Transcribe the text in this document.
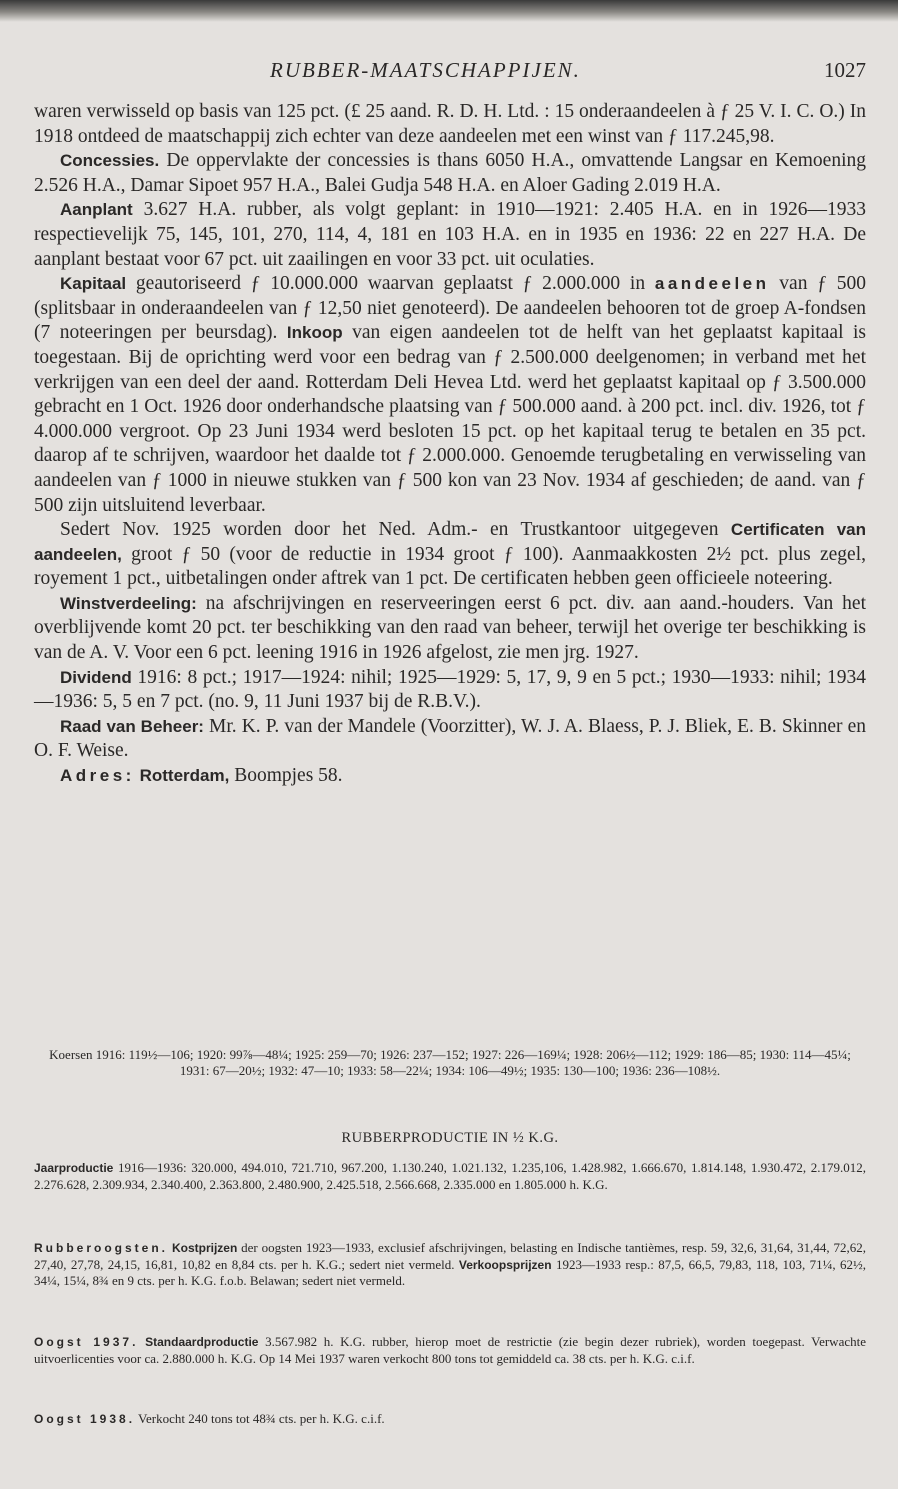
RUBBER-MAATSCHAPPIJEN.	1027

waren verwisseld op basis van 125 pct. (£ 25 aand. R. D. H. Ltd. : 15 onderaandeelen à ƒ 25 V. I. C. O.) In 1918 ontdeed de maatschappij zich echter van deze aandeelen met een winst van ƒ 117.245,98.

Concessies. De oppervlakte der concessies is thans 6050 H.A., omvattende Langsar en Kemoening 2.526 H.A., Damar Sipoet 957 H.A., Balei Gudja 548 H.A. en Aloer Gading 2.019 H.A.

Aanplant 3.627 H.A. rubber, als volgt geplant: in 1910—1921: 2.405 H.A. en in 1926—1933 respectievelijk 75, 145, 101, 270, 114, 4, 181 en 103 H.A. en in 1935 en 1936: 22 en 227 H.A. De aanplant bestaat voor 67 pct. uit zaailingen en voor 33 pct. uit oculaties.

Kapitaal geautoriseerd ƒ 10.000.000 waarvan geplaatst ƒ 2.000.000 in aandeelen van ƒ 500 (splitsbaar in onderaandeelen van ƒ 12,50 niet genoteerd). De aandeelen behooren tot de groep A-fondsen (7 noteeringen per beursdag). Inkoop van eigen aandeelen tot de helft van het geplaatst kapitaal is toegestaan. Bij de oprichting werd voor een bedrag van ƒ 2.500.000 deelgenomen; in verband met het verkrijgen van een deel der aand. Rotterdam Deli Hevea Ltd. werd het geplaatst kapitaal op ƒ 3.500.000 gebracht en 1 Oct. 1926 door onderhandsche plaatsing van ƒ 500.000 aand. à 200 pct. incl. div. 1926, tot ƒ 4.000.000 vergroot. Op 23 Juni 1934 werd besloten 15 pct. op het kapitaal terug te betalen en 35 pct. daarop af te schrijven, waardoor het daalde tot ƒ 2.000.000. Genoemde terugbetaling en verwisseling van aandeelen van ƒ 1000 in nieuwe stukken van ƒ 500 kon van 23 Nov. 1934 af geschieden; de aand. van ƒ 500 zijn uitsluitend leverbaar.

Sedert Nov. 1925 worden door het Ned. Adm.- en Trustkantoor uitgegeven Certificaten van aandeelen, groot ƒ 50 (voor de reductie in 1934 groot ƒ 100). Aanmaakkosten 2½ pct. plus zegel, royement 1 pct., uitbetalingen onder aftrek van 1 pct. De certificaten hebben geen officieele noteering.

Winstverdeeling: na afschrijvingen en reserveeringen eerst 6 pct. div. aan aand.-houders. Van het overblijvende komt 20 pct. ter beschikking van den raad van beheer, terwijl het overige ter beschikking is van de A. V. Voor een 6 pct. leening 1916 in 1926 afgelost, zie men jrg. 1927.

Dividend 1916: 8 pct.; 1917—1924: nihil; 1925—1929: 5, 17, 9, 9 en 5 pct.; 1930—1933: nihil; 1934—1936: 5, 5 en 7 pct. (no. 9, 11 Juni 1937 bij de R.B.V.).

Raad van Beheer: Mr. K. P. van der Mandele (Voorzitter), W. J. A. Blaess, P. J. Bliek, E. B. Skinner en O. F. Weise.

Adres: Rotterdam, Boompjes 58.

Koersen 1916: 119½—106; 1920: 99⅞—48¼; 1925: 259—70; 1926: 237—152; 1927: 226—169¼; 1928: 206½—112; 1929: 186—85; 1930: 114—45¼; 1931: 67—20½; 1932: 47—10; 1933: 58—22¼; 1934: 106—49½; 1935: 130—100; 1936: 236—108½.

RUBBERPRODUCTIE IN ½ K.G.

Jaarproductie 1916—1936: 320.000, 494.010, 721.710, 967.200, 1.130.240, 1.021.132, 1.235,106, 1.428.982, 1.666.670, 1.814.148, 1.930.472, 2.179.012, 2.276.628, 2.309.934, 2.340.400, 2.363.800, 2.480.900, 2.425.518, 2.566.668, 2.335.000 en 1.805.000 h. K.G.

Rubberoogsten. Kostprijzen der oogsten 1923—1933, exclusief afschrijvingen, belasting en Indische tantièmes, resp. 59, 32,6, 31,64, 31,44, 72,62, 27,40, 27,78, 24,15, 16,81, 10,82 en 8,84 cts. per h. K.G.; sedert niet vermeld. Verkoopsprijzen 1923—1933 resp.: 87,5, 66,5, 79,83, 118, 103, 71¼, 62½, 34¼, 15¼, 8¾ en 9 cts. per h. K.G. f.o.b. Belawan; sedert niet vermeld.

Oogst 1937. Standaardproductie 3.567.982 h. K.G. rubber, hierop moet de restrictie (zie begin dezer rubriek), worden toegepast. Verwachte uitvoerlicenties voor ca. 2.880.000 h. K.G. Op 14 Mei 1937 waren verkocht 800 tons tot gemiddeld ca. 38 cts. per h. K.G. c.i.f.

Oogst 1938. Verkocht 240 tons tot 48¾ cts. per h. K.G. c.i.f.
